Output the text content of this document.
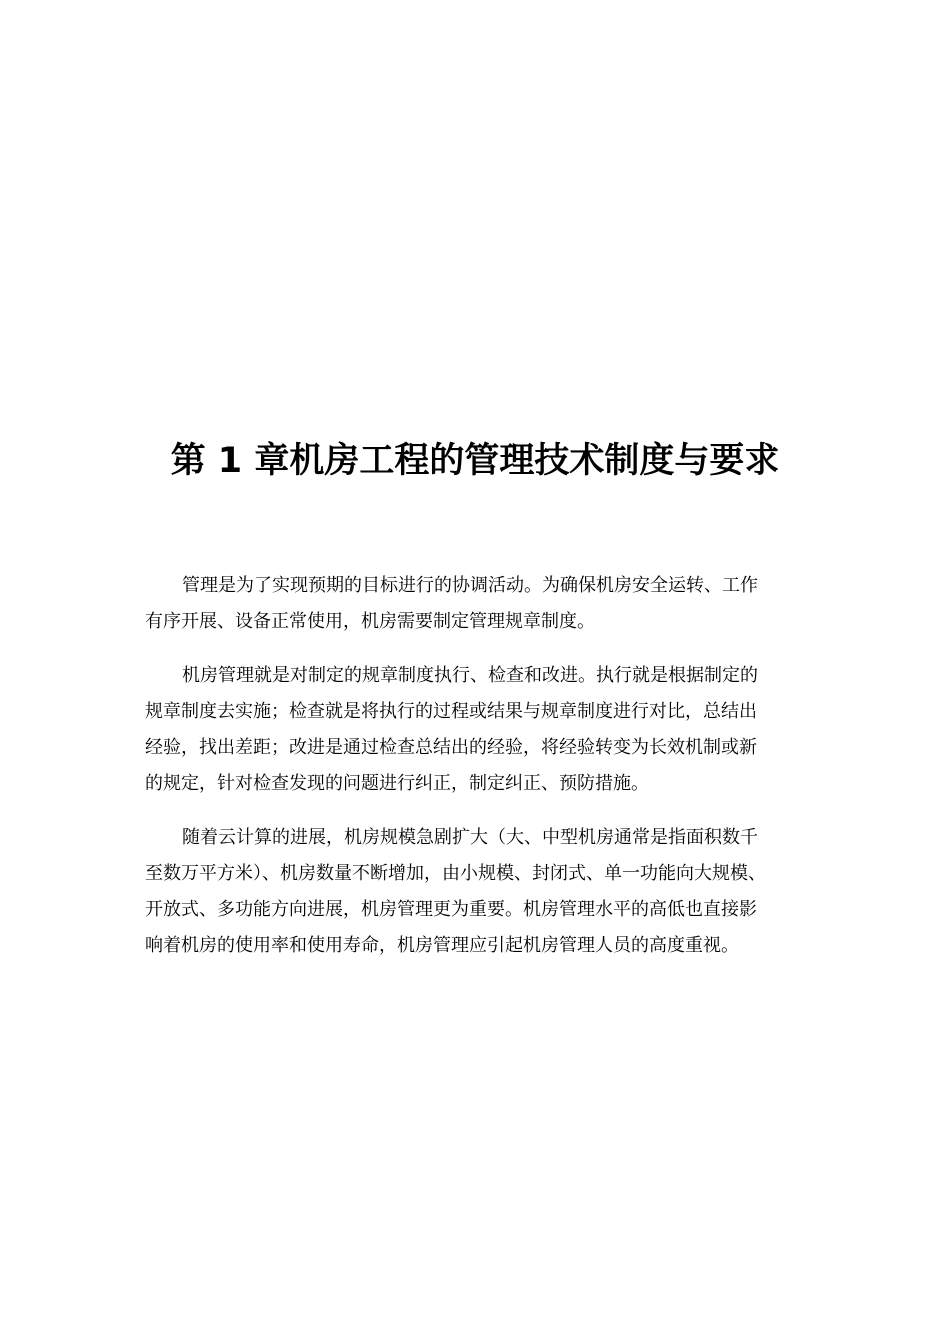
第 1 章机房工程的管理技术制度与要求

管理是为了实现预期的目标进行的协调活动。为确保机房安全运转、工作
有序开展、设备正常使用，机房需要制定管理规章制度。

机房管理就是对制定的规章制度执行、检查和改进。执行就是根据制定的
规章制度去实施；检查就是将执行的过程或结果与规章制度进行对比，总结出
经验，找出差距；改进是通过检查总结出的经验，将经验转变为长效机制或新
的规定，针对检查发现的问题进行纠正，制定纠正、预防措施。

随着云计算的进展，机房规模急剧扩大（大、中型机房通常是指面积数千
至数万平方米）、机房数量不断增加，由小规模、封闭式、单一功能向大规模、
开放式、多功能方向进展，机房管理更为重要。机房管理水平的高低也直接影
响着机房的使用率和使用寿命，机房管理应引起机房管理人员的高度重视。
